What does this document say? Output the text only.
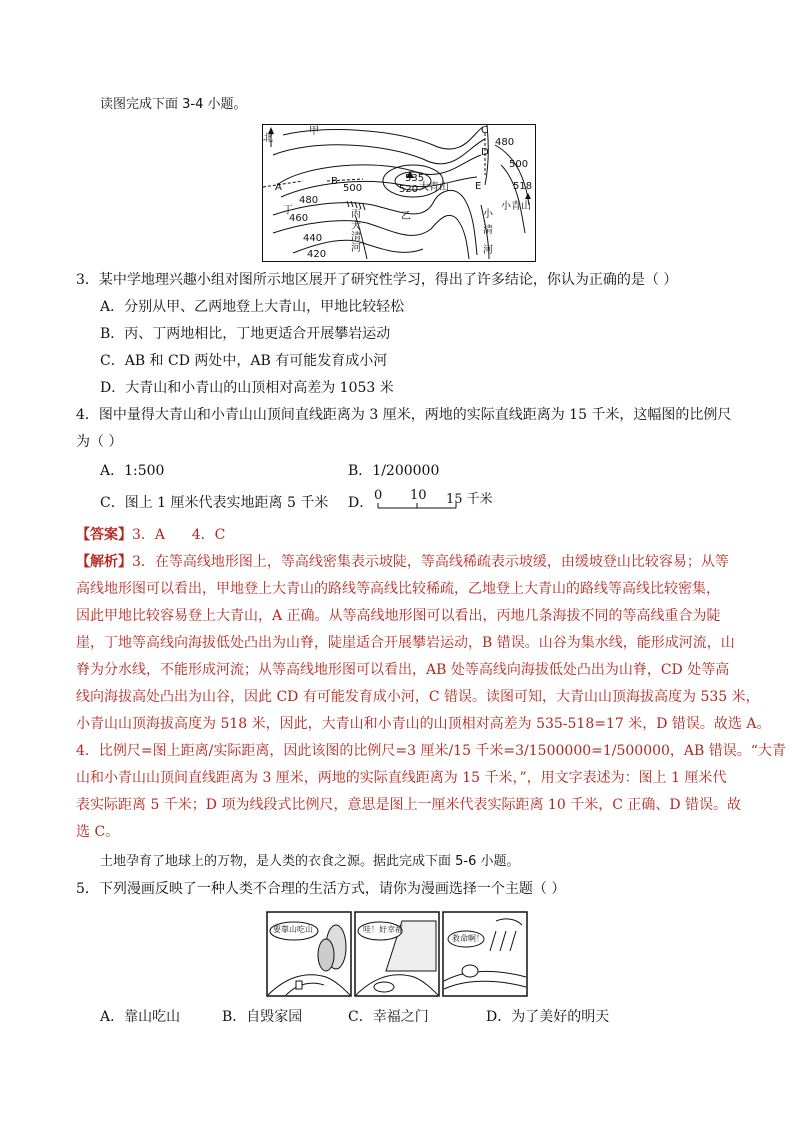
读图完成下面 3-4 小题。
北
甲	C
480
D
500
535
520 大青山
A
B
500	E	518
小青山
480
丁
460	丙
大
清
河
乙	小
清
河
440
420
3．某中学地理兴趣小组对图所示地区展开了研究性学习，得出了许多结论，你认为正确的是（ ）
A．分别从甲、乙两地登上大青山，甲地比较轻松
B．丙、丁两地相比，丁地更适合开展攀岩运动
C．AB 和 CD 两处中，AB 有可能发育成小河
D．大青山和小青山的山顶相对高差为 1053 米
4．图中量得大青山和小青山山顶间直线距离为 3 厘米，两地的实际直线距离为 15 千米，这幅图的比例尺
为（ ）
A．1:500	B．1/200000
C．图上 1 厘米代表实地距离 5 千米 D． 0 10 15 千米
【答案】3．A      4．C
【解析】3．在等高线地形图上，等高线密集表示坡陡，等高线稀疏表示坡缓，由缓坡登山比较容易；从等
高线地形图可以看出，甲地登上大青山的路线等高线比较稀疏，乙地登上大青山的路线等高线比较密集，
因此甲地比较容易登上大青山，A 正确。从等高线地形图可以看出，丙地几条海拔不同的等高线重合为陡
崖，丁地等高线向海拔低处凸出为山脊，陡崖适合开展攀岩运动，B 错误。山谷为集水线，能形成河流，山
脊为分水线，不能形成河流；从等高线地形图可以看出，AB 处等高线向海拔低处凸出为山脊，CD 处等高
线向海拔高处凸出为山谷，因此 CD 有可能发育成小河，C 错误。读图可知，大青山山顶海拔高度为 535 米，
小青山山顶海拔高度为 518 米，因此，大青山和小青山的山顶相对高差为 535-518=17 米，D 错误。故选 A。
4．比例尺=图上距离/实际距离，因此该图的比例尺=3 厘米/15 千米=3/1500000=1/500000，AB 错误。“大青
山和小青山山顶间直线距离为 3 厘米，两地的实际直线距离为 15 千米，”，用文字表述为：图上 1 厘米代
表实际距离 5 千米；D 项为线段式比例尺，意思是图上一厘米代表实际距离 10 千米，C 正确、D 错误。故
选 C。
土地孕育了地球上的万物，是人类的衣食之源。据此完成下面 5-6 小题。
5．下列漫画反映了一种人类不合理的生活方式，请你为漫画选择一个主题（ ）
要靠山吃山	哇！好幸福
救命啊！
A．靠山吃山	B．自毁家园	C．幸福之门	D．为了美好的明天
